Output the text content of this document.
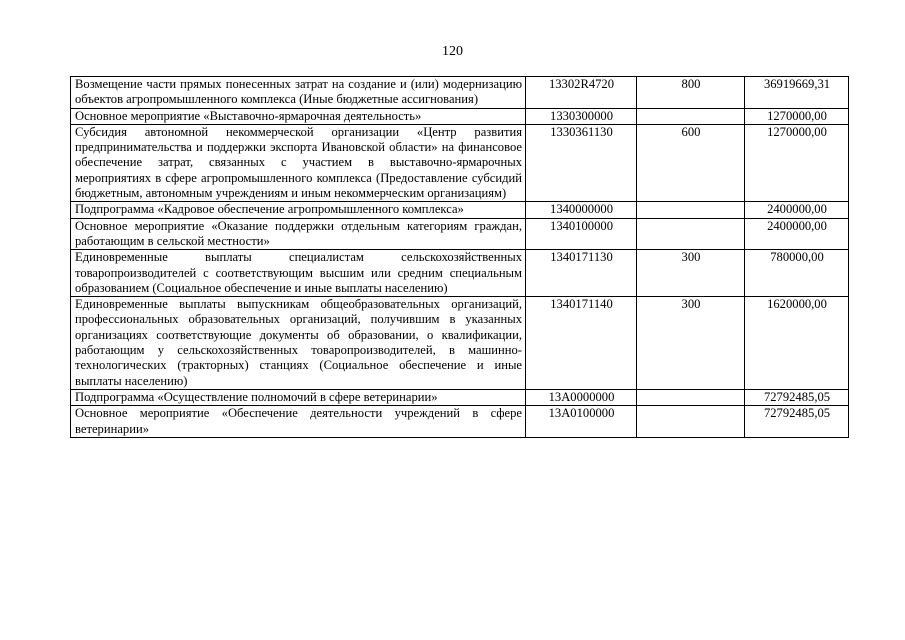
120
Возмещение части прямых понесенных затрат на создание и (или) модернизацию объектов агропромышленного комплекса (Иные бюджетные ассигнования)	13302R4720	800	36919669,31
Основное мероприятие «Выставочно-ярмарочная деятельность»	1330300000		1270000,00
Субсидия автономной некоммерческой организации «Центр развития предпринимательства и поддержки экспорта Ивановской области» на финансовое обеспечение затрат, связанных с участием в выставочно-ярмарочных мероприятиях в сфере агропромышленного комплекса (Предоставление субсидий бюджетным, автономным учреждениям и иным некоммерческим организациям)	1330361130	600	1270000,00
Подпрограмма «Кадровое обеспечение агропромышленного комплекса»	1340000000		2400000,00
Основное мероприятие «Оказание поддержки отдельным категориям граждан, работающим в сельской местности»	1340100000		2400000,00
Единовременные выплаты специалистам сельскохозяйственных товаропроизводителей с соответствующим высшим или средним специальным образованием (Социальное обеспечение и иные выплаты населению)	1340171130	300	780000,00
Единовременные выплаты выпускникам общеобразовательных организаций, профессиональных образовательных организаций, получившим в указанных организациях соответствующие документы об образовании, о квалификации, работающим у сельскохозяйственных товаропроизводителей, в машинно-технологических (тракторных) станциях (Социальное обеспечение и иные выплаты населению)	1340171140	300	1620000,00
Подпрограмма «Осуществление полномочий в сфере ветеринарии»	13А0000000		72792485,05
Основное мероприятие «Обеспечение деятельности учреждений в сфере ветеринарии»	13А0100000		72792485,05
